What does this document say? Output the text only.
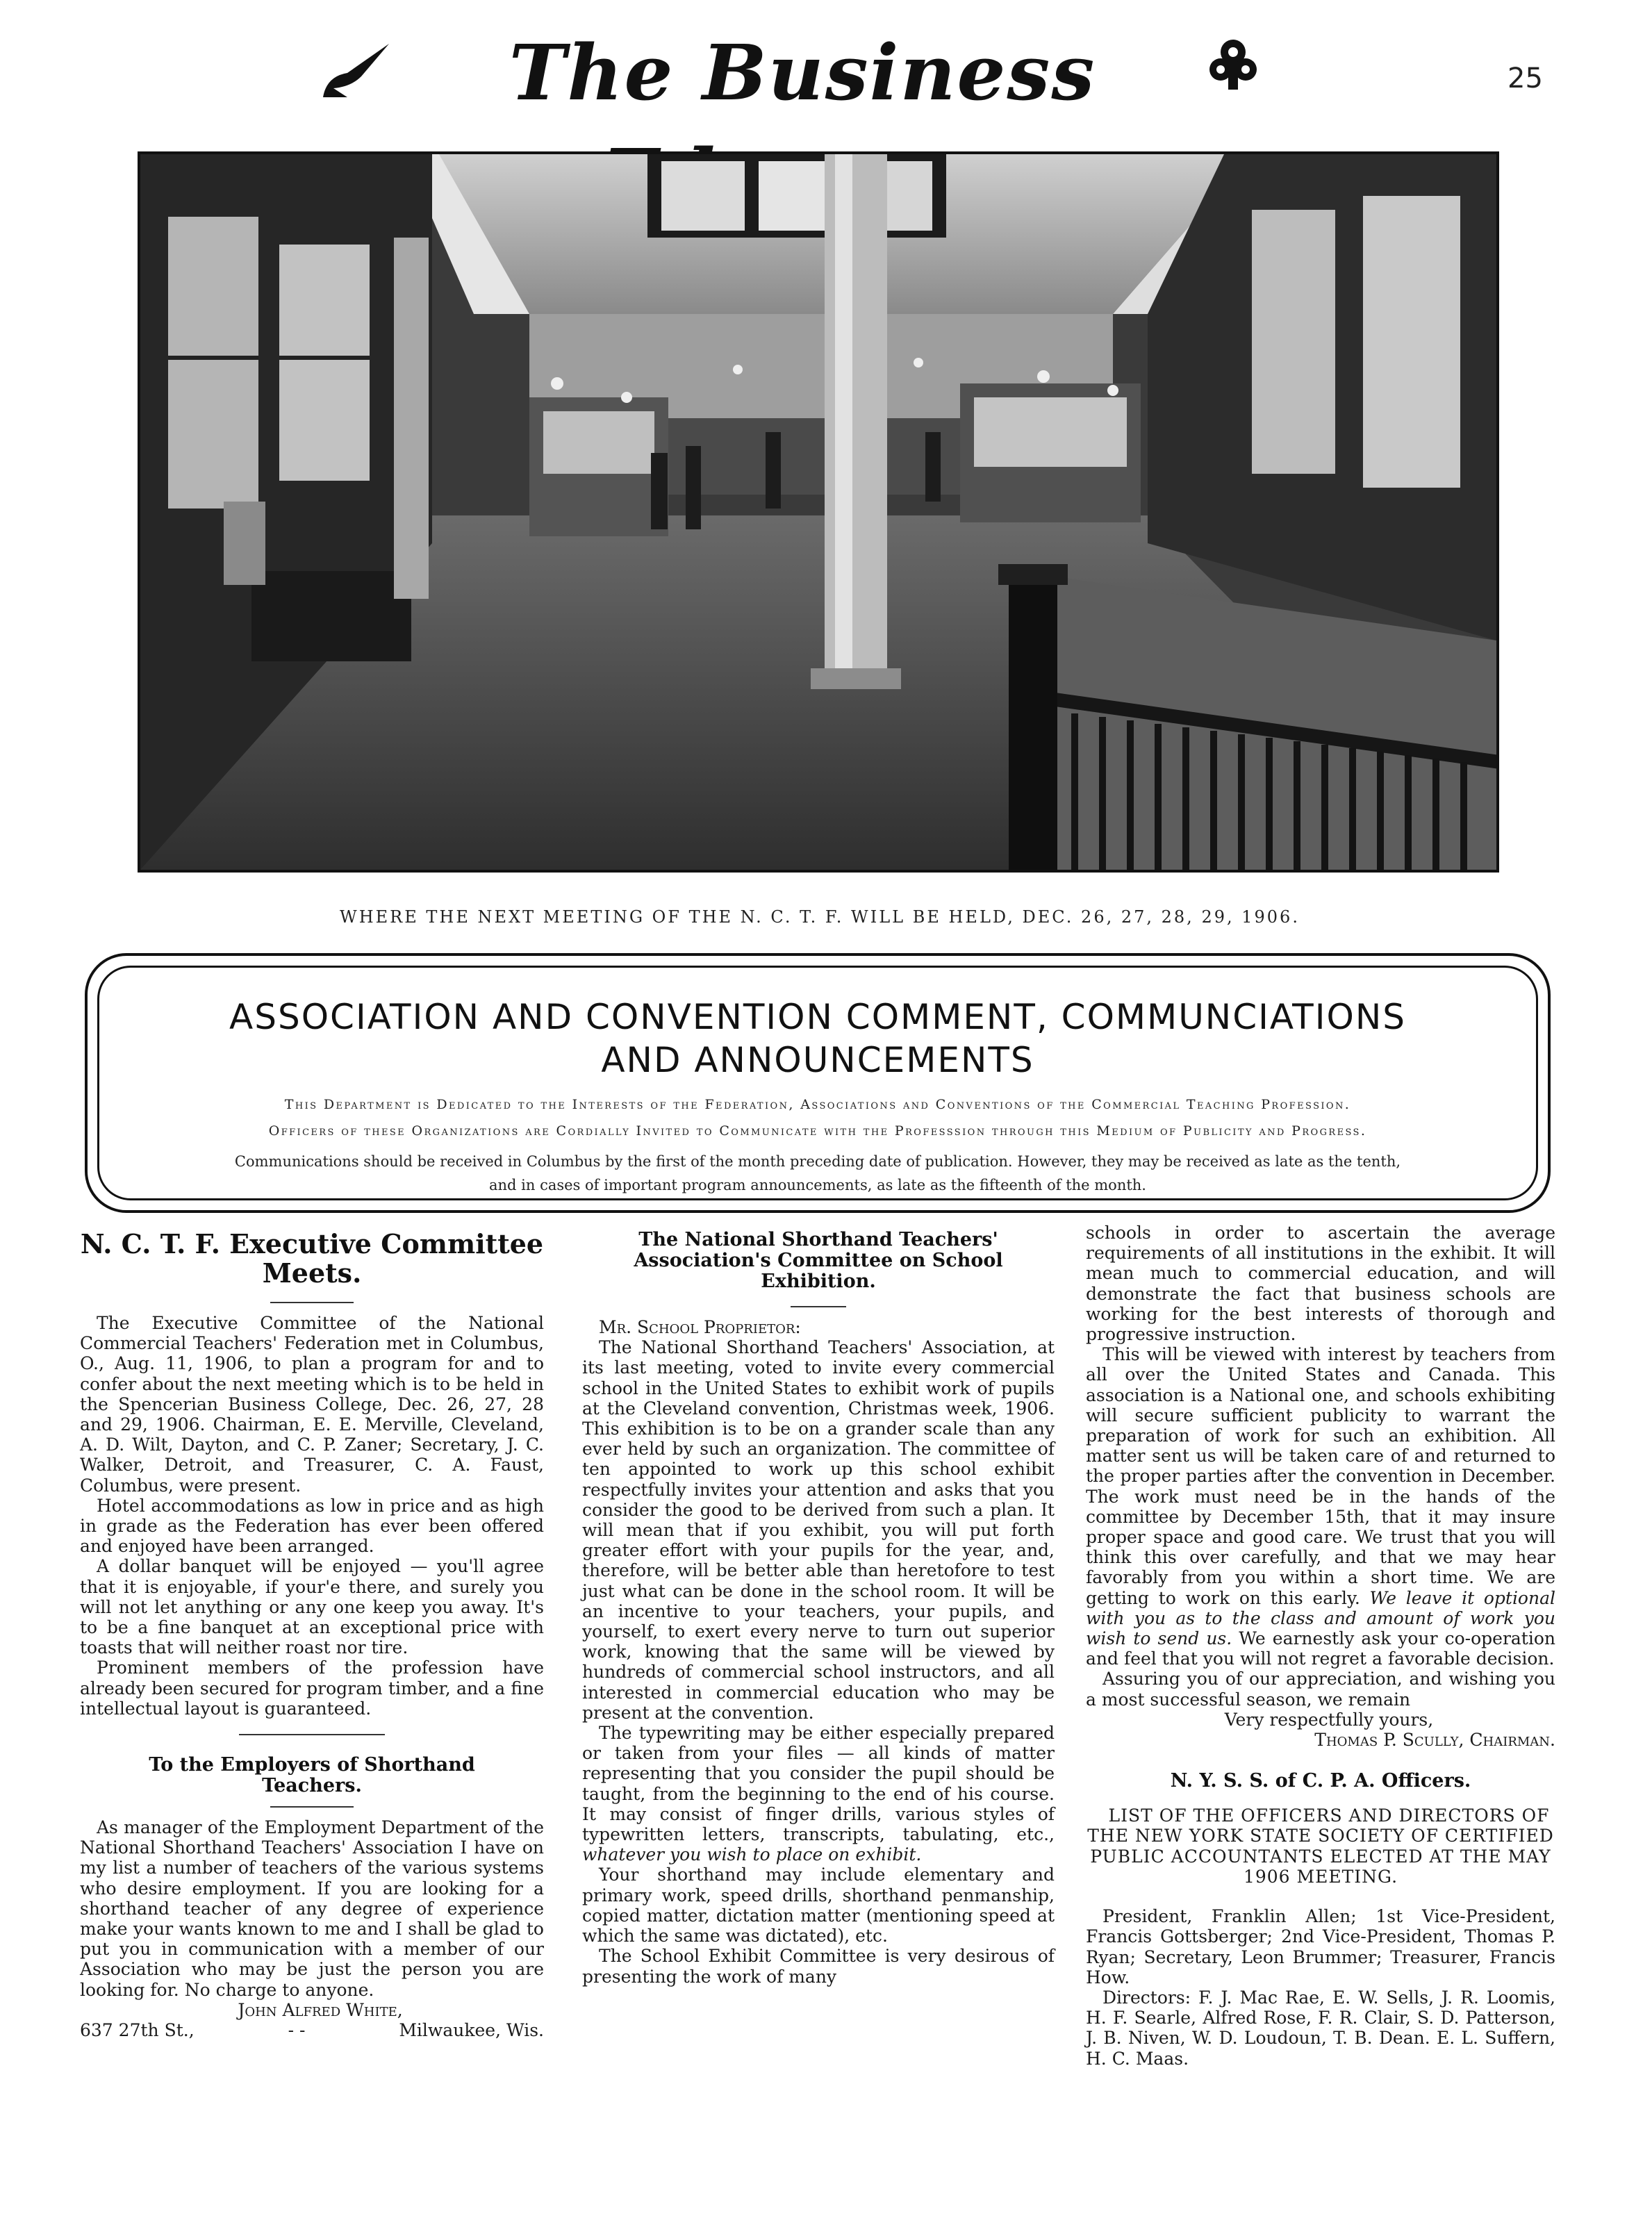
The Business	25
WHERE THE NEXT MEETING OF THE N. C. T. F. WILL BE HELD, DEC. 26, 27, 28, 29, 1906.
ASSOCIATION AND CONVENTION COMMENT, COMMUNCIATIONS
AND ANNOUNCEMENTS
This Department is Dedicated to the Interests of the Federation, Associations and Conventions of the Commercial Teaching Profession.
Officers of these Organizations are Cordially Invited to Communicate with the Professsion through this Medium of Publicity and Progress.
Communications should be received in Columbus by the first of the month preceding date of publication. However, they may be received as late as the tenth,
and in cases of important program announcements, as late as the fifteenth of the month.
N. C. T. F. Executive Committee Meets.

The Executive Committee of the National Commercial Teachers' Federation met in Columbus, O., Aug. 11, 1906, to plan a program for and to confer about the next meeting which is to be held in the Spencerian Business College, Dec. 26, 27, 28 and 29, 1906. Chairman, E. E. Merville, Cleveland, A. D. Wilt, Dayton, and C. P. Zaner; Secretary, J. C. Walker, Detroit, and Treasurer, C. A. Faust, Columbus, were present.

Hotel accommodations as low in price and as high in grade as the Federation has ever been offered and enjoyed have been arranged.

A dollar banquet will be enjoyed — you'll agree that it is enjoyable, if your'e there, and surely you will not let anything or any one keep you away. It's to be a fine banquet at an exceptional price with toasts that will neither roast nor tire.

Prominent members of the profession have already been secured for program timber, and a fine intellectual layout is guaranteed.

To the Employers of Shorthand Teachers.

As manager of the Employment Department of the National Shorthand Teachers' Association I have on my list a number of teachers of the various systems who desire employment. If you are looking for a shorthand teacher of any degree of experience make your wants known to me and I shall be glad to put you in communication with a member of our Association who may be just the person you are looking for. No charge to anyone.

John Alfred White,

637 27th St.,	- -	Milwaukee, Wis.
The National Shorthand Teachers' Association's Committee on School Exhibition.

Mr. School Proprietor:

The National Shorthand Teachers' Association, at its last meeting, voted to invite every commercial school in the United States to exhibit work of pupils at the Cleveland convention, Christmas week, 1906. This exhibition is to be on a grander scale than any ever held by such an organization. The committee of ten appointed to work up this school exhibit respectfully invites your attention and asks that you consider the good to be derived from such a plan. It will mean that if you exhibit, you will put forth greater effort with your pupils for the year, and, therefore, will be better able than heretofore to test just what can be done in the school room. It will be an incentive to your teachers, your pupils, and yourself, to exert every nerve to turn out superior work, knowing that the same will be viewed by hundreds of commercial school instructors, and all interested in commercial education who may be present at the convention.

The typewriting may be either especially prepared or taken from your files — all kinds of matter representing that you consider the pupil should be taught, from the beginning to the end of his course. It may consist of finger drills, various styles of typewritten letters, transcripts, tabulating, etc., whatever you wish to place on exhibit.

Your shorthand may include elementary and primary work, speed drills, shorthand penmanship, copied matter, dictation matter (mentioning speed at which the same was dictated), etc.

The School Exhibit Committee is very desirous of presenting the work of many

schools in order to ascertain the average requirements of all institutions in the exhibit. It will mean much to commercial education, and will demonstrate the fact that business schools are working for the best interests of thorough and progressive instruction.

This will be viewed with interest by teachers from all over the United States and Canada. This association is a National one, and schools exhibiting will secure sufficient publicity to warrant the preparation of work for such an exhibition. All matter sent us will be taken care of and returned to the proper parties after the convention in December. The work must need be in the hands of the committee by December 15th, that it may insure proper space and good care. We trust that you will think this over carefully, and that we may hear favorably from you within a short time. We are getting to work on this early. We leave it optional with you as to the class and amount of work you wish to send us. We earnestly ask your co-operation and feel that you will not regret a favorable decision.

Assuring you of our appreciation, and wishing you a most successful season, we remain

Very respectfully yours,

Thomas P. Scully, Chairman.

N. Y. S. S. of C. P. A. Officers.

LIST OF THE OFFICERS AND DIRECTORS OF THE NEW YORK STATE SOCIETY OF CERTIFIED PUBLIC ACCOUNTANTS ELECTED AT THE MAY 1906 MEETING.

President, Franklin Allen; 1st Vice-President, Francis Gottsberger; 2nd Vice-President, Thomas P. Ryan; Secretary, Leon Brummer; Treasurer, Francis How.

Directors: F. J. Mac Rae, E. W. Sells, J. R. Loomis, H. F. Searle, Alfred Rose, F. R. Clair, S. D. Patterson, J. B. Niven, W. D. Loudoun, T. B. Dean. E. L. Suffern, H. C. Maas.
